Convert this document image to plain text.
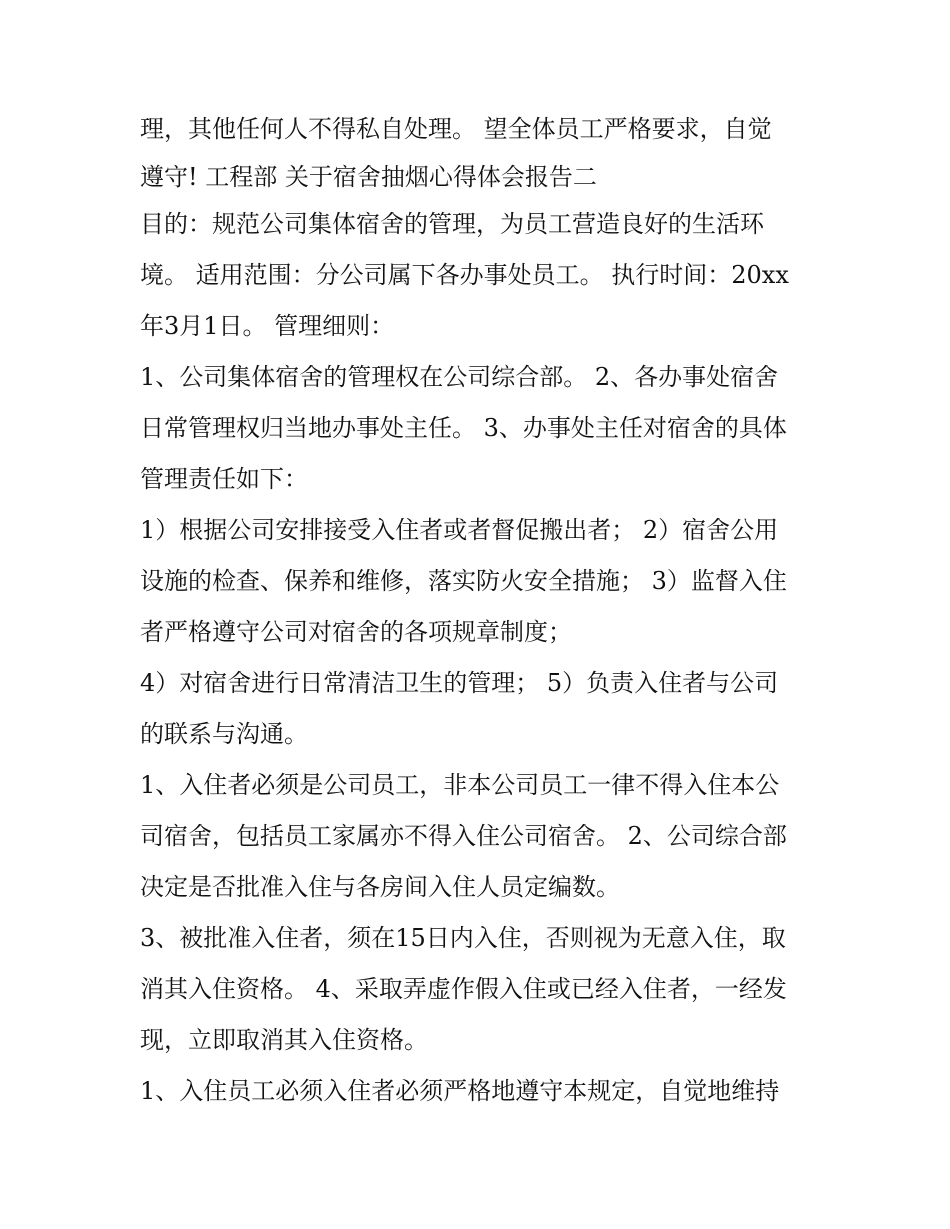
理，其他任何人不得私自处理。 望全体员工严格要求，自觉
遵守! 工程部 关于宿舍抽烟心得体会报告二
目的：规范公司集体宿舍的管理，为员工营造良好的生活环
境。 适用范围：分公司属下各办事处员工。 执行时间：20xx
年3月1日。 管理细则：
1、公司集体宿舍的管理权在公司综合部。 2、各办事处宿舍
日常管理权归当地办事处主任。 3、办事处主任对宿舍的具体
管理责任如下：
1）根据公司安排接受入住者或者督促搬出者； 2）宿舍公用
设施的检查、保养和维修，落实防火安全措施； 3）监督入住
者严格遵守公司对宿舍的各项规章制度；
4）对宿舍进行日常清洁卫生的管理； 5）负责入住者与公司
的联系与沟通。
1、入住者必须是公司员工，非本公司员工一律不得入住本公
司宿舍，包括员工家属亦不得入住公司宿舍。 2、公司综合部
决定是否批准入住与各房间入住人员定编数。
3、被批准入住者，须在15日内入住，否则视为无意入住，取
消其入住资格。 4、采取弄虚作假入住或已经入住者，一经发
现，立即取消其入住资格。
1、入住员工必须入住者必须严格地遵守本规定，自觉地维持
